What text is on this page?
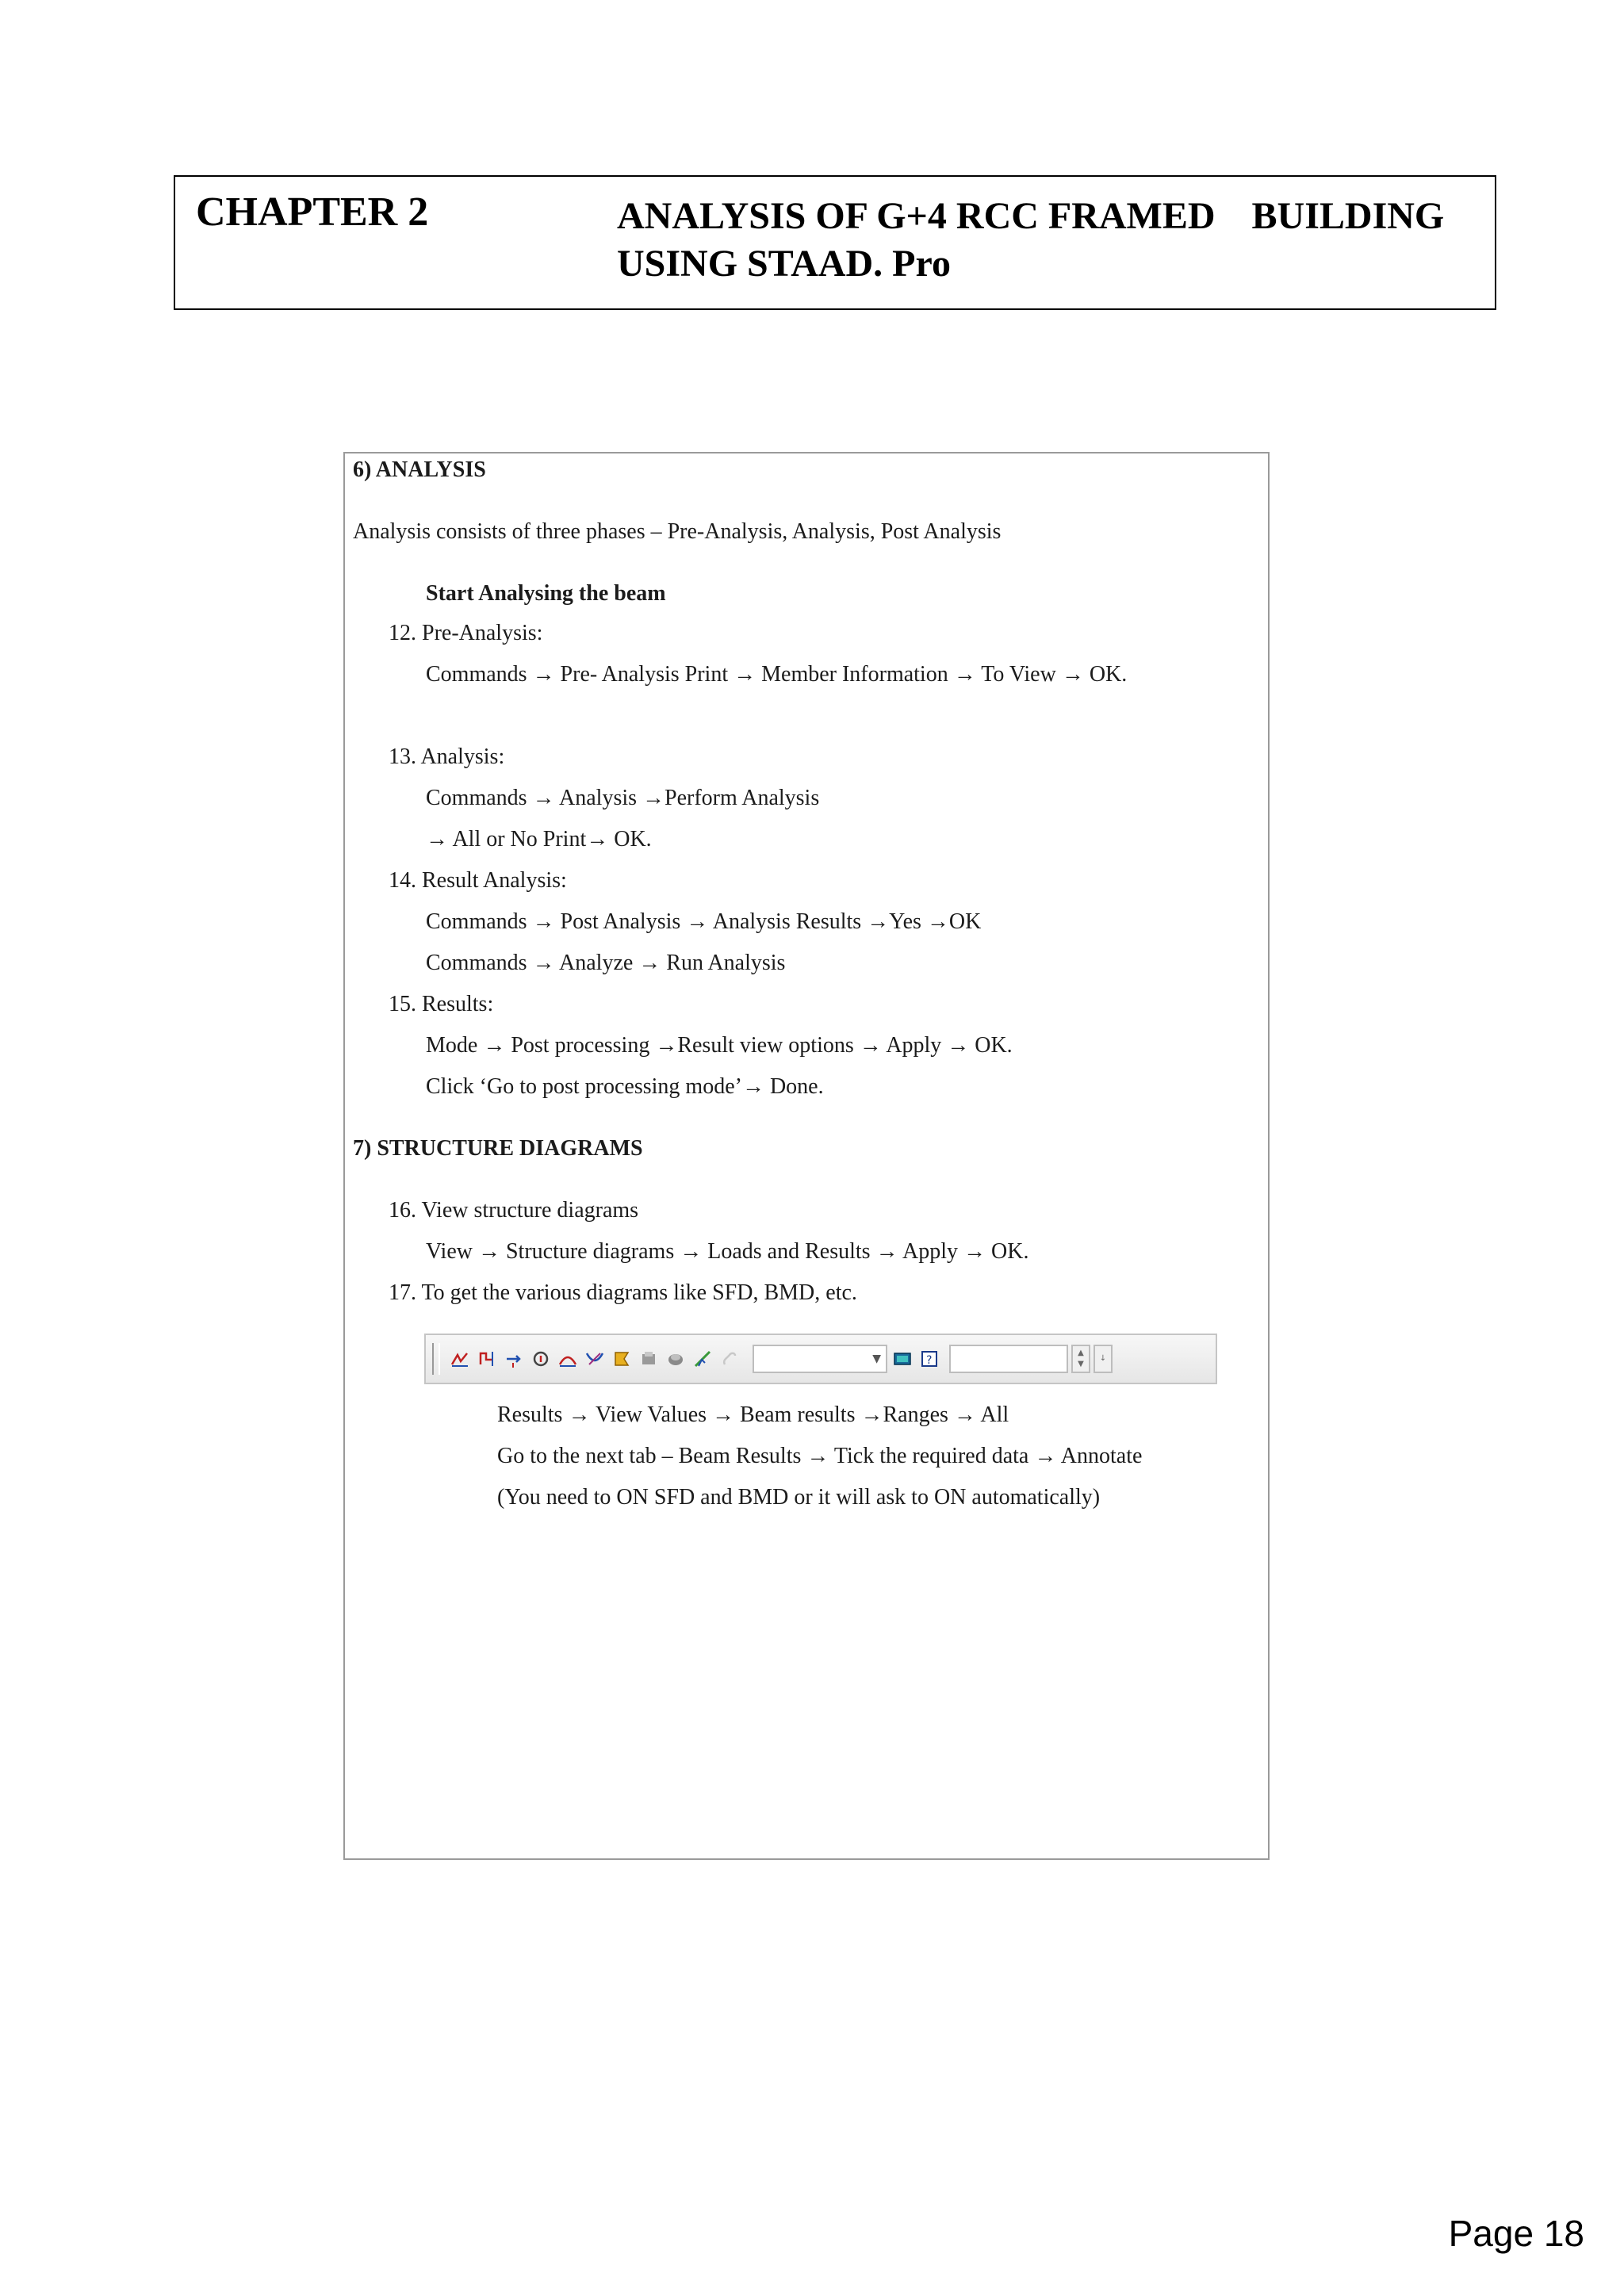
CHAPTER 2	ANALYSIS OF G+4 RCC FRAMED BUILDING
USING STAAD. Pro
6) ANALYSIS
Analysis consists of three phases – Pre-Analysis, Analysis, Post Analysis
Start Analysing the beam
12. Pre-Analysis:
Commands → Pre- Analysis Print → Member Information → To View → OK.
13. Analysis:
Commands → Analysis →Perform Analysis
→ All or No Print→ OK.
14. Result Analysis:
Commands → Post Analysis → Analysis Results →Yes →OK
Commands → Analyze → Run Analysis
15. Results:
Mode → Post processing →Result view options → Apply → OK.
Click ‘Go to post processing mode’→ Done.
7) STRUCTURE DIAGRAMS
16. View structure diagrams
View → Structure diagrams → Loads and Results → Apply → OK.
17. To get the various diagrams like SFD, BMD, etc.
▼	?
▲
▼
↓
Results → View Values → Beam results →Ranges → All
Go to the next tab – Beam Results → Tick the required data → Annotate
(You need to ON SFD and BMD or it will ask to ON automatically)
Page 18
